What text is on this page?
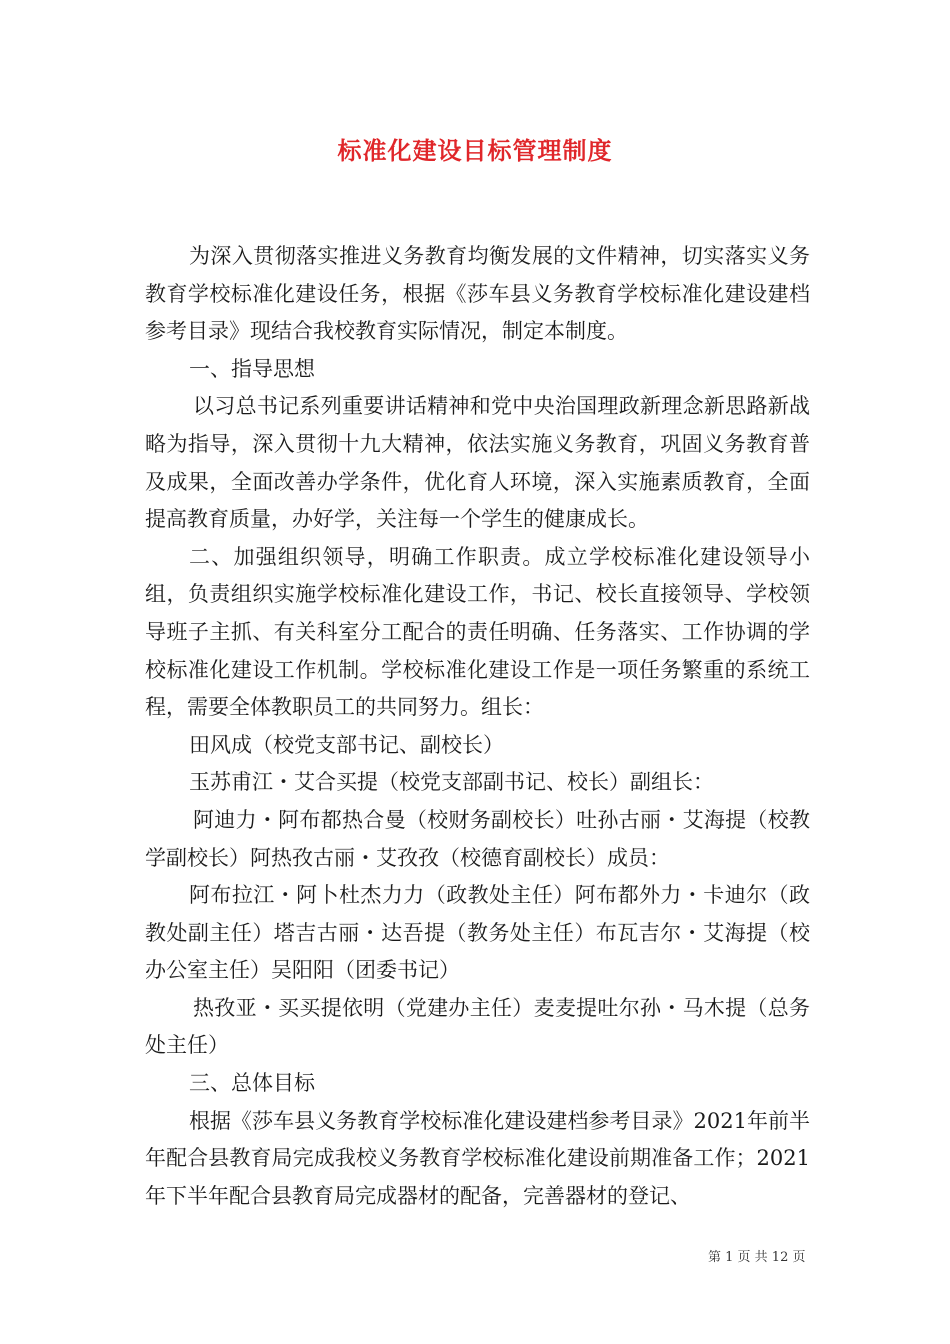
标准化建设目标管理制度

为深入贯彻落实推进义务教育均衡发展的文件精神，切实落实义务教育学校标准化建设任务，根据《莎车县义务教育学校标准化建设建档参考目录》现结合我校教育实际情况，制定本制度。

一、指导思想

以习总书记系列重要讲话精神和党中央治国理政新理念新思路新战略为指导，深入贯彻十九大精神，依法实施义务教育，巩固义务教育普及成果，全面改善办学条件，优化育人环境，深入实施素质教育，全面提高教育质量，办好学，关注每一个学生的健康成长。

二、加强组织领导，明确工作职责。成立学校标准化建设领导小组，负责组织实施学校标准化建设工作，书记、校长直接领导、学校领导班子主抓、有关科室分工配合的责任明确、任务落实、工作协调的学校标准化建设工作机制。学校标准化建设工作是一项任务繁重的系统工程，需要全体教职员工的共同努力。组长：

田风成（校党支部书记、副校长）

玉苏甫江・艾合买提（校党支部副书记、校长）副组长：

阿迪力・阿布都热合曼（校财务副校长）吐孙古丽・艾海提（校教学副校长）阿热孜古丽・艾孜孜（校德育副校长）成员：

阿布拉江・阿卜杜杰力力（政教处主任）阿布都外力・卡迪尔（政教处副主任）塔吉古丽・达吾提（教务处主任）布瓦吉尔・艾海提（校办公室主任）吴阳阳（团委书记）

热孜亚・买买提依明（党建办主任）麦麦提吐尔孙・马木提（总务处主任）

三、总体目标

根据《莎车县义务教育学校标准化建设建档参考目录》2021年前半年配合县教育局完成我校义务教育学校标准化建设前期准备工作；2021年下半年配合县教育局完成器材的配备，完善器材的登记、

第 1 页 共 12 页
